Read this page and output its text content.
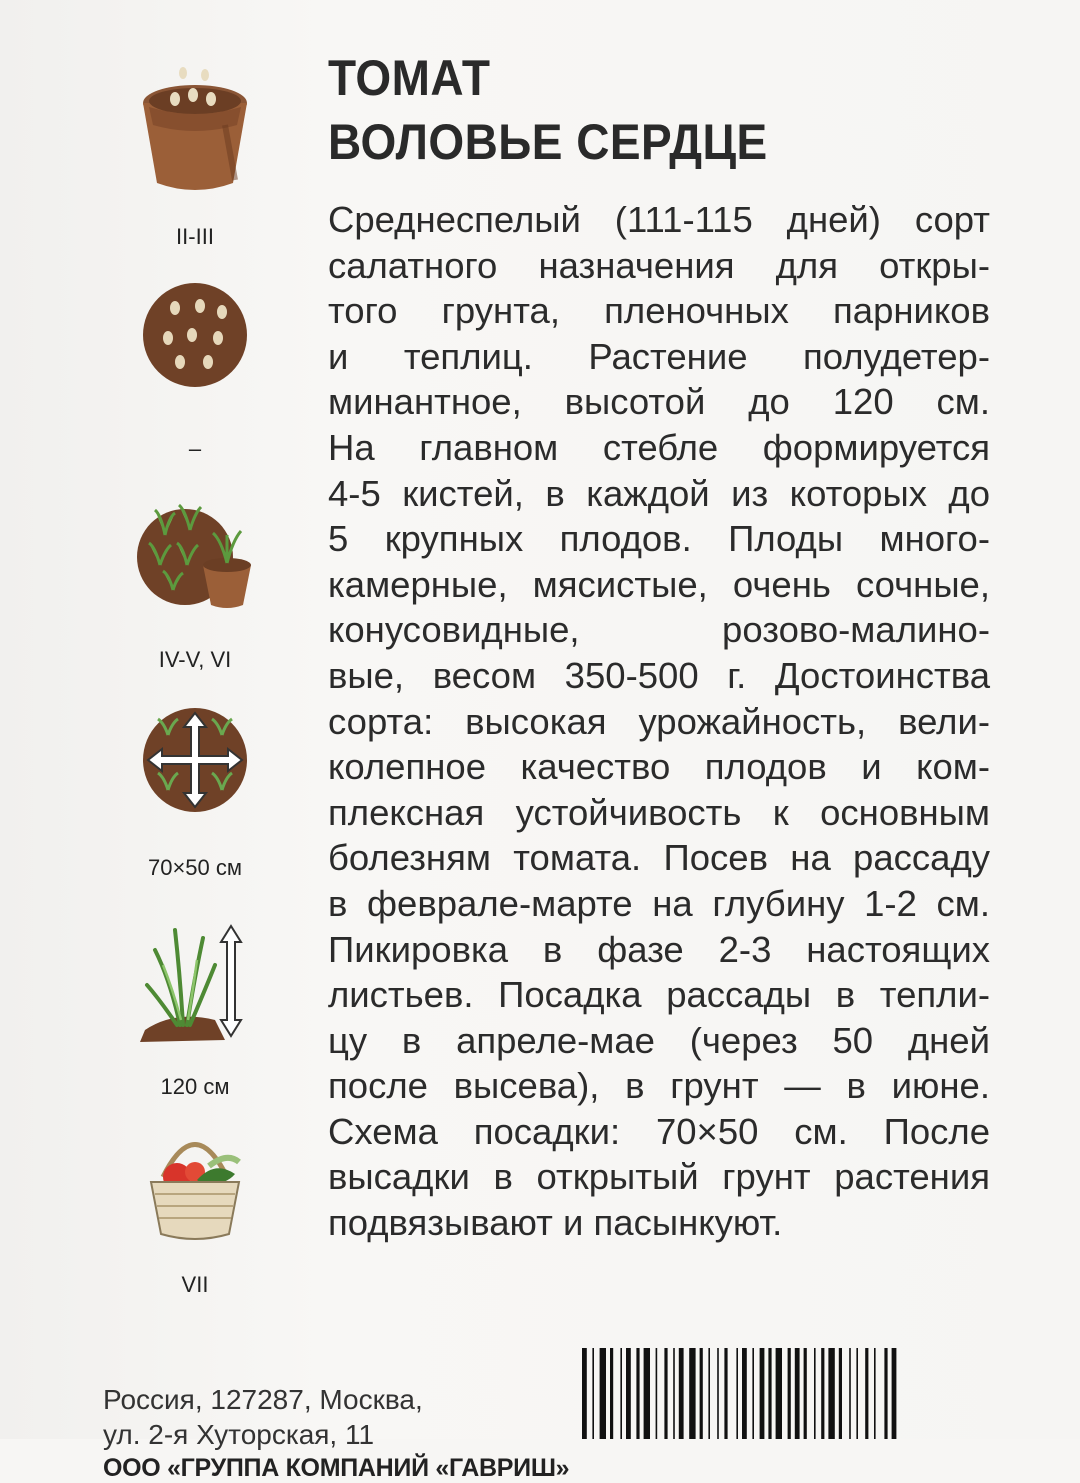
II-III
–
IV-V, VI
70×50 см
120 см
VII
ТОМАТ
ВОЛОВЬЕ СЕРДЦЕ
Среднеспелый (111-115 дней) сорт
салатного назначения для откры-
того грунта, пленочных парников
и теплиц. Растение полудетер-
минантное, высотой до 120 см.
На главном стебле формируется
4-5 кистей, в каждой из которых до
5 крупных плодов. Плоды много-
камерные, мясистые, очень сочные,
конусовидные, розово-малино-
вые, весом 350-500 г. Достоинства
сорта: высокая урожайность, вели-
колепное качество плодов и ком-
плексная устойчивость к основным
болезням томата. Посев на рассаду
в феврале-марте на глубину 1-2 см.
Пикировка в фазе 2-3 настоящих
листьев. Посадка рассады в тепли-
цу в апреле-мае (через 50 дней
после высева), в грунт — в июне.
Схема посадки: 70×50 см. После
высадки в открытый грунт растения
подвязывают и пасынкуют.
Россия, 127287, Москва,
ул. 2-я Хуторская, 11
ООО «ГРУППА КОМПАНИЙ «ГАВРИШ»
